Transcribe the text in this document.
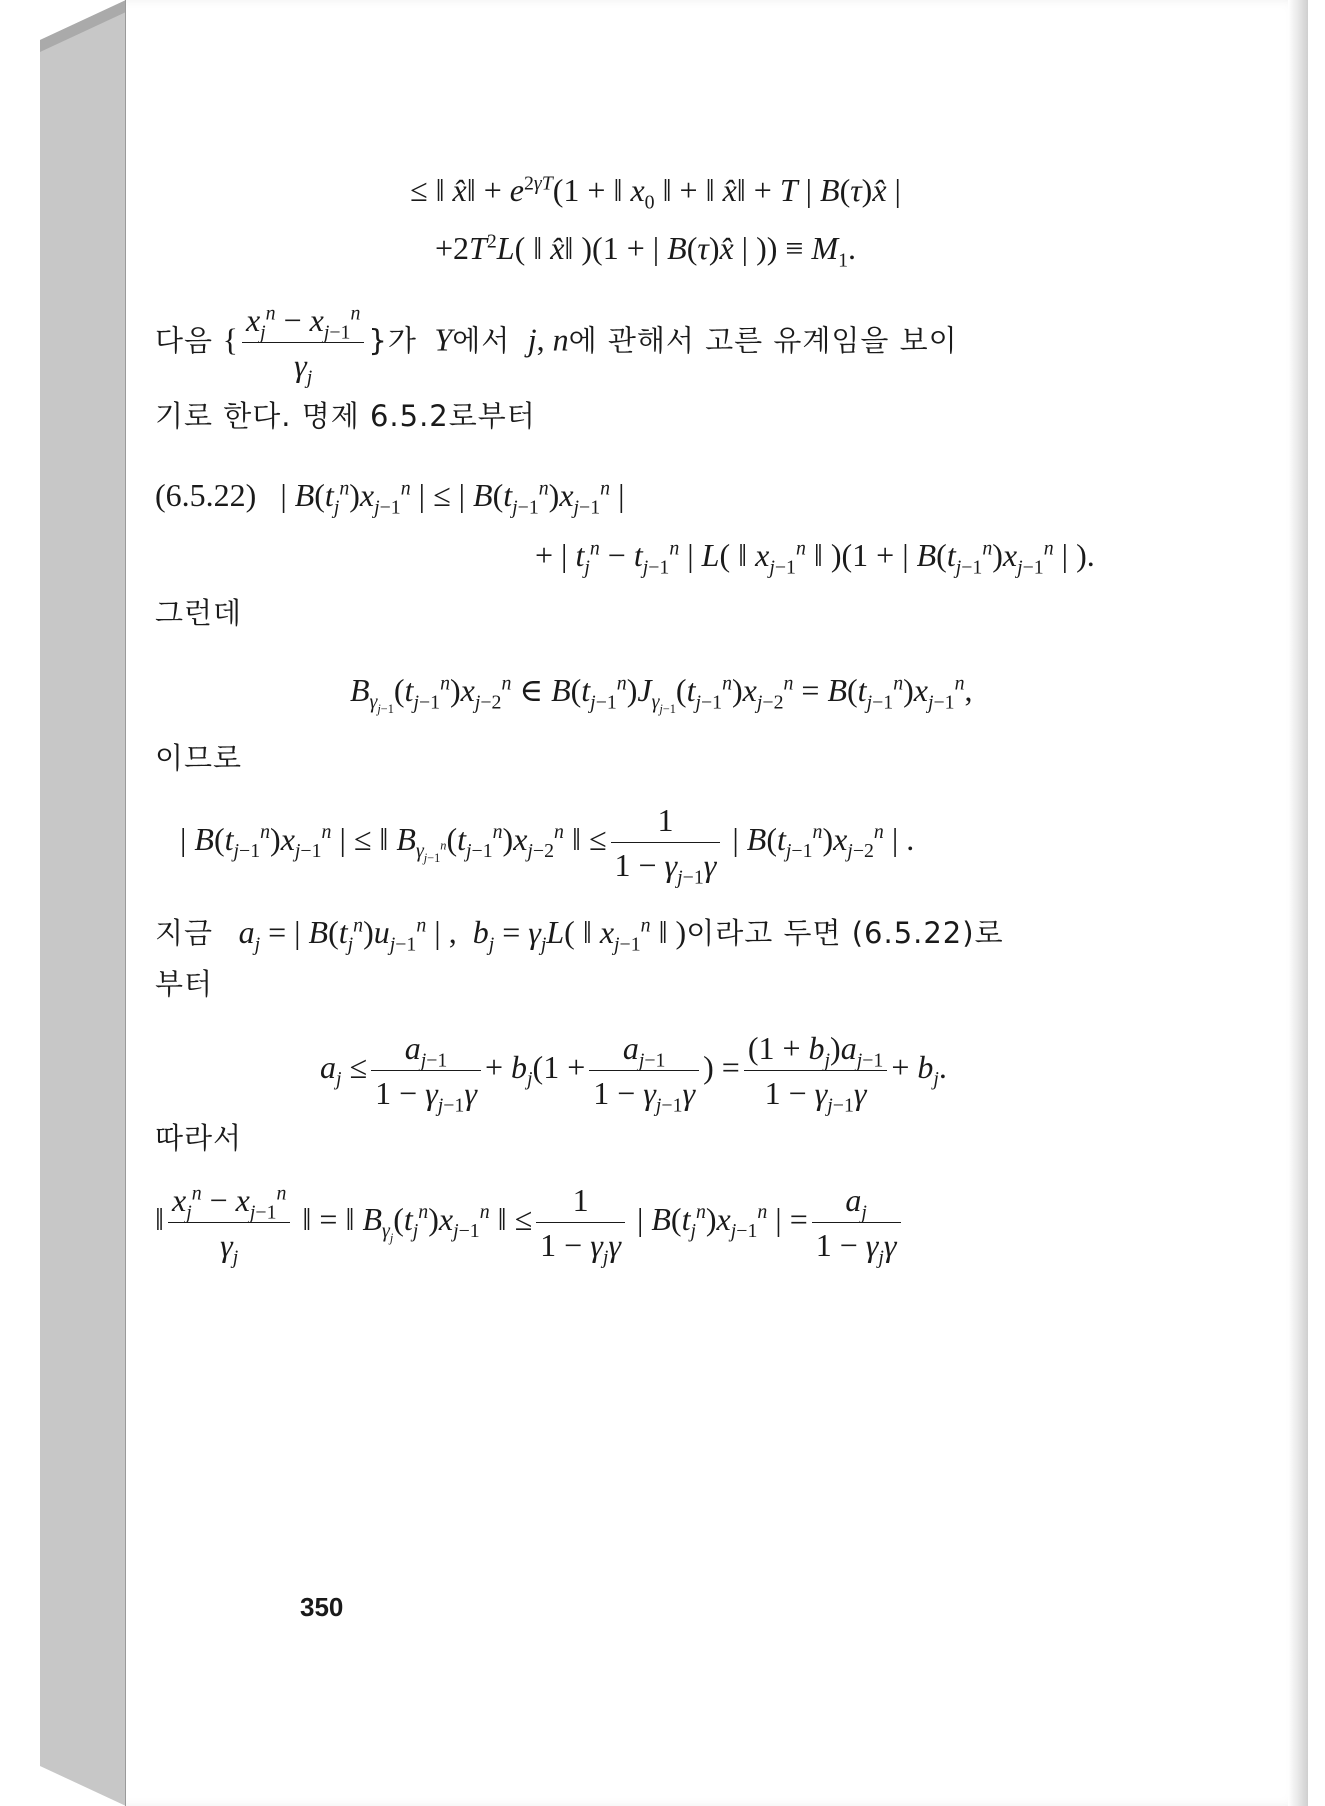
≤ ‖ x̂‖ + $e^{2\gamma T}(1$ + ‖ $x_0$ ‖ + ‖ x̂‖ + T | B(τ)x̂ |
$+2T^2L$( ‖ x̂‖ )(1 + | B(τ)x̂ | )) ≡ $M_1$.
다음 { $\frac{x_j^n - x_{j-1}^n}{\gamma_j}$ }가  Y에서  j, n에 관해서 고른 유계임을 보이
기로 한다. 명제 6.5.2로부터
(6.5.22)   | $B(t_j^n)x_{j-1}^n$ | ≤ | $B(t_{j-1}^n)x_{j-1}^n$ |
+ | $t_j^n - t_{j-1}^n$ | L( ‖ $x_{j-1}^n$ ‖ )(1 + | $B(t_{j-1}^n)x_{j-1}^n$ | ).
그런데
$B_{\gamma_{j-1}}(t_{j-1}^n)x_{j-2}^n$ ∈ $B(t_{j-1}^n)J_{\gamma_{j-1}}(t_{j-1}^n)x_{j-2}^n = B(t_{j-1}^n)x_{j-1}^n$,
이므로
| $B(t_{j-1}^n)x_{j-1}^n$ | ≤ ‖ $B_{\gamma_{j-1}^n}(t_{j-1}^n)x_{j-2}^n$ ‖ ≤ $\frac{1}{1 - \gamma_{j-1}\gamma}$ | $B(t_{j-1}^n)x_{j-2}^n$ | .
지금 $a_j$ = | $B(t_j^n)u_{j-1}^n$ | ,  $b_j = \gamma_jL$( ‖ $x_{j-1}^n$ ‖ )이라고 두면 (6.5.22)로
부터
$a_j \le \frac{a_{j-1}}{1 - \gamma_{j-1}\gamma} + b_j(1 + \frac{a_{j-1}}{1 - \gamma_{j-1}\gamma}$ ) = $\frac{(1 + b_j)a_{j-1}}{1 - \gamma_{j-1}\gamma} + b_j$.
따라서
‖ $\frac{x_j^n - x_{j-1}^n}{\gamma_j}$ ‖ = ‖ $B_{\gamma_j}(t_j^n)x_{j-1}^n$ ‖ ≤ $\frac{1}{1 - \gamma_j\gamma}$ | $B(t_j^n)x_{j-1}^n$ | = $\frac{a_j}{1 - \gamma_j\gamma}$
350
